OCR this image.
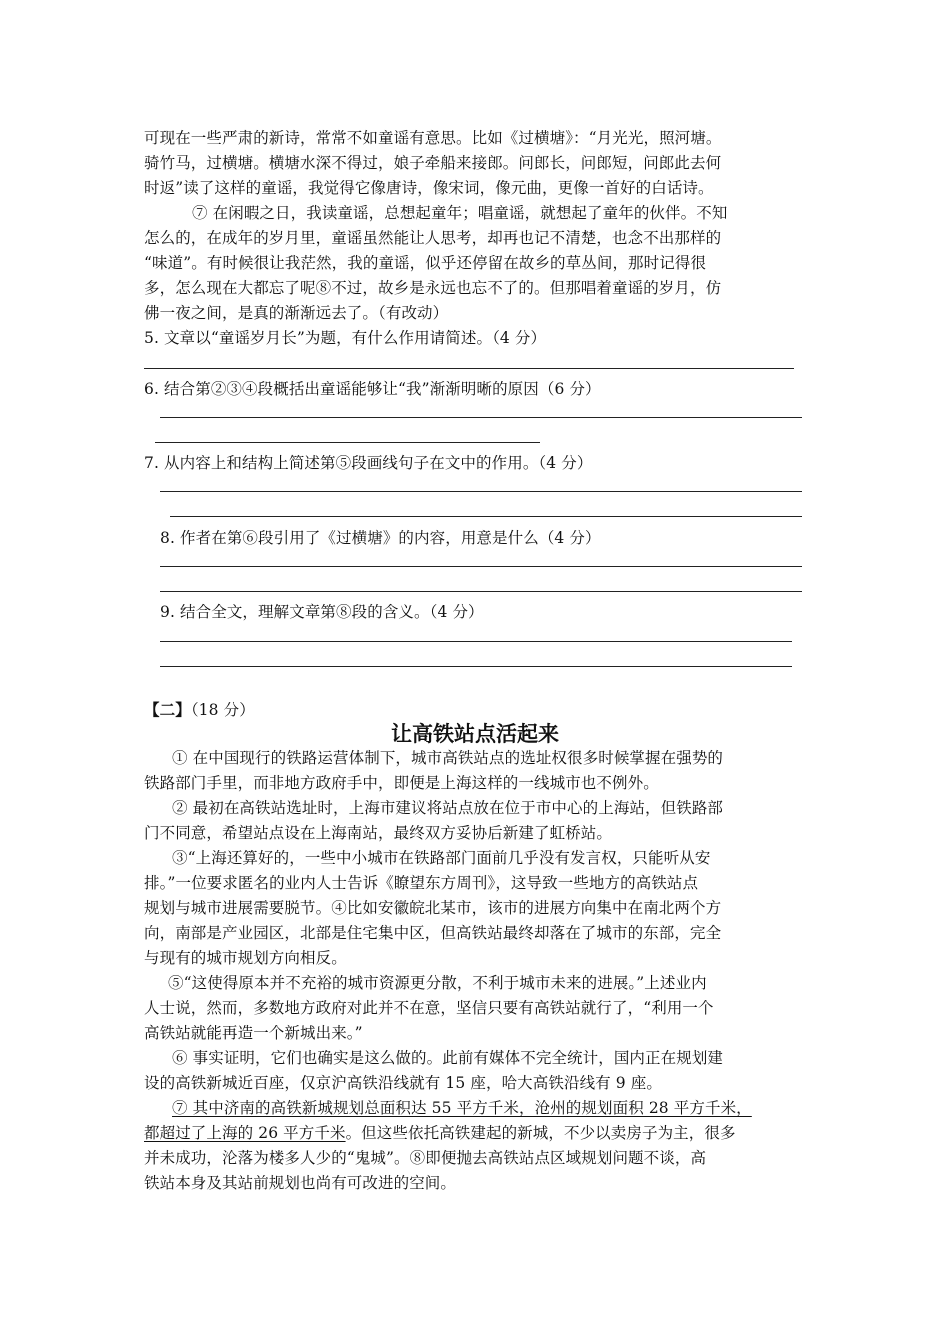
可现在一些严肃的新诗，常常不如童谣有意思。比如《过横塘》：“月光光，照河塘。
骑竹马，过横塘。横塘水深不得过，娘子牵船来接郎。问郎长，问郎短，问郎此去何
时返”读了这样的童谣，我觉得它像唐诗，像宋词，像元曲，更像一首好的白话诗。
⑦ 在闲暇之日，我读童谣，总想起童年；唱童谣，就想起了童年的伙伴。不知
怎么的，在成年的岁月里，童谣虽然能让人思考，却再也记不清楚，也念不出那样的
“味道”。有时候很让我茫然，我的童谣，似乎还停留在故乡的草丛间，那时记得很
多，怎么现在大都忘了呢⑧不过，故乡是永远也忘不了的。但那唱着童谣的岁月，仿
佛一夜之间，是真的渐渐远去了。（有改动）
5. 文章以“童谣岁月长”为题，有什么作用请简述。（4 分）
6. 结合第②③④段概括出童谣能够让“我”渐渐明晰的原因（6 分）
7. 从内容上和结构上简述第⑤段画线句子在文中的作用。（4 分）
8. 作者在第⑥段引用了《过横塘》的内容，用意是什么（4 分）
9. 结合全文，理解文章第⑧段的含义。（4 分）
【二】（18 分）
让高铁站点活起来
① 在中国现行的铁路运营体制下，城市高铁站点的选址权很多时候掌握在强势的
铁路部门手里，而非地方政府手中，即便是上海这样的一线城市也不例外。
② 最初在高铁站选址时，上海市建议将站点放在位于市中心的上海站，但铁路部
门不同意，希望站点设在上海南站，最终双方妥协后新建了虹桥站。
③“上海还算好的，一些中小城市在铁路部门面前几乎没有发言权，只能听从安
排。”一位要求匿名的业内人士告诉《瞭望东方周刊》，这导致一些地方的高铁站点
规划与城市进展需要脱节。④比如安徽皖北某市，该市的进展方向集中在南北两个方
向，南部是产业园区，北部是住宅集中区，但高铁站最终却落在了城市的东部，完全
与现有的城市规划方向相反。
⑤“这使得原本并不充裕的城市资源更分散，不利于城市未来的进展。”上述业内
人士说，然而，多数地方政府对此并不在意，坚信只要有高铁站就行了，“利用一个
高铁站就能再造一个新城出来。”
⑥ 事实证明，它们也确实是这么做的。此前有媒体不完全统计，国内正在规划建
设的高铁新城近百座，仅京沪高铁沿线就有 15 座，哈大高铁沿线有 9 座。
⑦ 其中济南的高铁新城规划总面积达 55 平方千米，沧州的规划面积 28 平方千米，
都超过了上海的 26 平方千米。但这些依托高铁建起的新城，不少以卖房子为主，很多
并未成功，沦落为楼多人少的“鬼城”。⑧即便抛去高铁站点区域规划问题不谈，高
铁站本身及其站前规划也尚有可改进的空间。
